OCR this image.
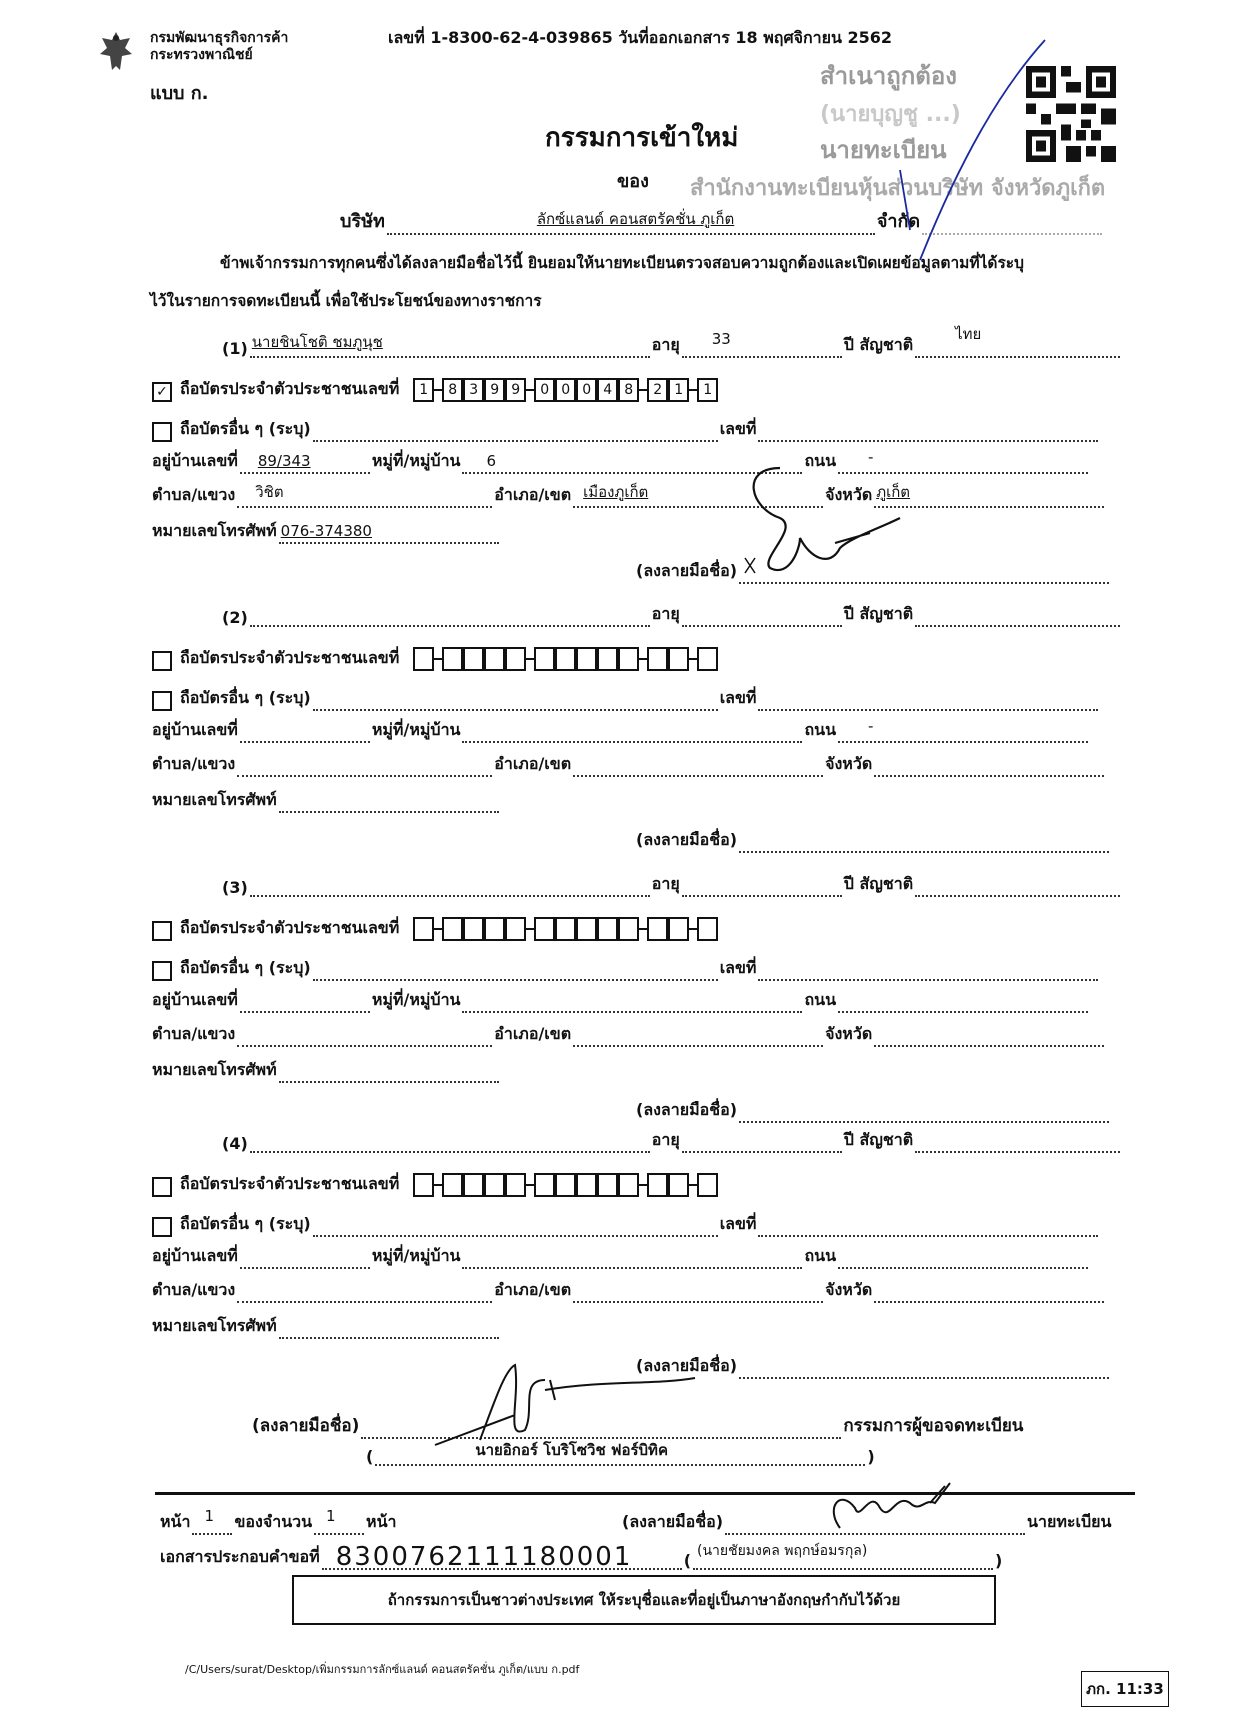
กรมพัฒนาธุรกิจการค้า
กระทรวงพาณิชย์
เลขที่ 1-8300-62-4-039865 วันที่ออกเอกสาร 18 พฤศจิกายน 2562
แบบ ก.
สำเนาถูกต้อง
(นายบุญชู ...)
นายทะเบียน
สำนักงานทะเบียนหุ้นส่วนบริษัท จังหวัดภูเก็ต
กรรมการเข้าใหม่
ของ
บริษัท	ลักซ์แลนด์ คอนสตรัคชั่น ภูเก็ต	จำกัด
ข้าพเจ้ากรรมการทุกคนซึ่งได้ลงลายมือชื่อไว้นี้ ยินยอมให้นายทะเบียนตรวจสอบความถูกต้องและเปิดเผยข้อมูลตามที่ได้ระบุ
ไว้ในรายการจดทะเบียนนี้ เพื่อใช้ประโยชน์ของทางราชการ
(1) นายชินโชติ ชมภูนุช	อายุ 33	ปี สัญชาติ
ไทย
✓ ถือบัตรประจำตัวประชาชนเลขที่	1	8 3 9 9	0 0 0 4 8	2 1	1
ถือบัตรอื่น ๆ (ระบุ)	เลขที่
อยู่บ้านเลขที่ 89/343	หมู่ที่/หมู่บ้าน 6	ถนน -
ตำบล/แขวง วิชิต	อำเภอ/เขต เมืองภูเก็ต	จังหวัด ภูเก็ต
หมายเลขโทรศัพท์ 076-374380
(ลงลายมือชื่อ)
(2)	อายุ	ปี สัญชาติ
ถือบัตรประจำตัวประชาชนเลขที่
ถือบัตรอื่น ๆ (ระบุ)	เลขที่
อยู่บ้านเลขที่	หมู่ที่/หมู่บ้าน	ถนน -
ตำบล/แขวง	อำเภอ/เขต	จังหวัด
หมายเลขโทรศัพท์
(ลงลายมือชื่อ)
(3)	อายุ	ปี สัญชาติ
ถือบัตรประจำตัวประชาชนเลขที่
ถือบัตรอื่น ๆ (ระบุ)	เลขที่
อยู่บ้านเลขที่	หมู่ที่/หมู่บ้าน	ถนน
ตำบล/แขวง	อำเภอ/เขต	จังหวัด
หมายเลขโทรศัพท์
(ลงลายมือชื่อ)
(4)	อายุ	ปี สัญชาติ
ถือบัตรประจำตัวประชาชนเลขที่
ถือบัตรอื่น ๆ (ระบุ)	เลขที่
อยู่บ้านเลขที่	หมู่ที่/หมู่บ้าน	ถนน
ตำบล/แขวง	อำเภอ/เขต	จังหวัด
หมายเลขโทรศัพท์
(ลงลายมือชื่อ)
(ลงลายมือชื่อ)	กรรมการผู้ขอจดทะเบียน
(	นายอิกอร์ โบริโซวิช ฟอร์บิทิค	)
หน้า 1 ของจำนวน 1 หน้า	(ลงลายมือชื่อ)	นายทะเบียน
เอกสารประกอบคำขอที่ 8300762111180001	( (นายชัยมงคล พฤกษ์อมรกุล)	)
ถ้ากรรมการเป็นชาวต่างประเทศ ให้ระบุชื่อและที่อยู่เป็นภาษาอังกฤษกำกับไว้ด้วย
/C/Users/surat/Desktop/เพิ่มกรรมการลักซ์แลนด์ คอนสตรัคชั่น ภูเก็ต/แบบ ก.pdf
ภก. 11:33
